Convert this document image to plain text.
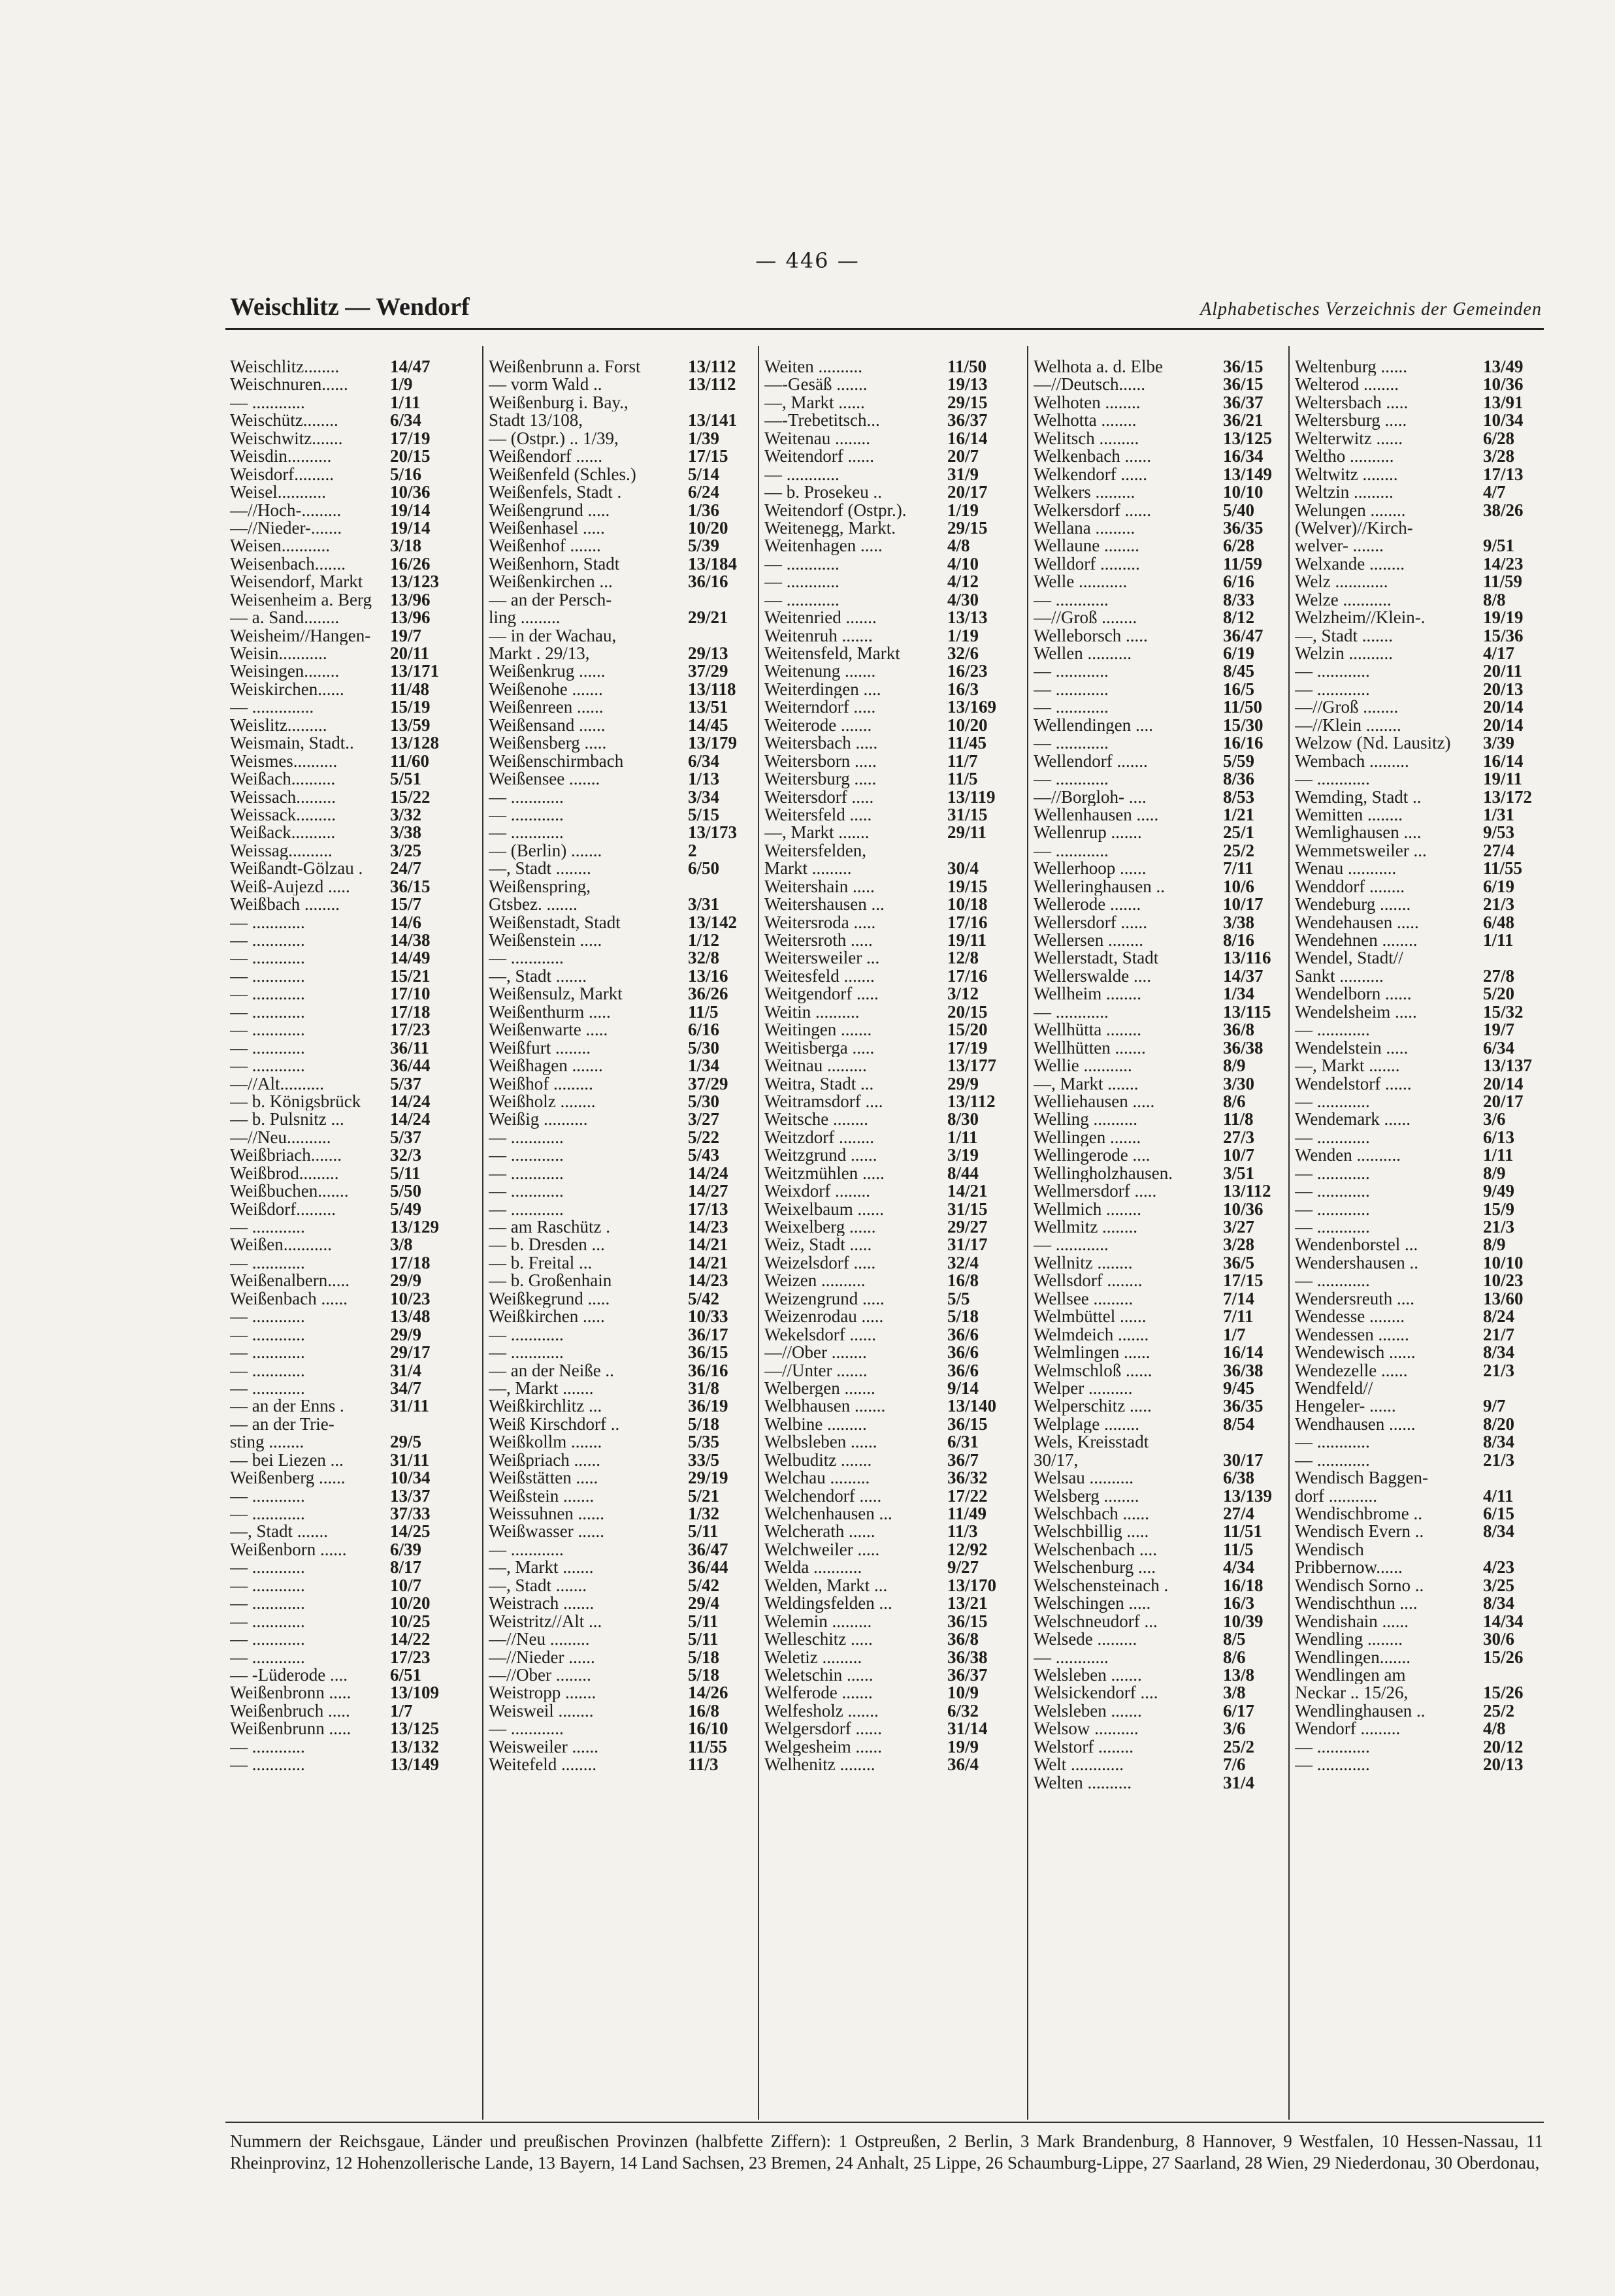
— 446 —
Weischlitz — Wendorf	Alphabetisches Verzeichnis der Gemeinden
Weischlitz........	14/47
Weischnuren......	1/9
— ............	1/11
Weischütz........	6/34
Weischwitz.......	17/19
Weisdin..........	20/15
Weisdorf.........	5/16
Weisel...........	10/36
—//Hoch-.........	19/14
—//Nieder-.......	19/14
Weisen...........	3/18
Weisenbach.......	16/26
Weisendorf, Markt	13/123
Weisenheim a. Berg	13/96
— a. Sand........	13/96
Weisheim//Hangen-	19/7
Weisin...........	20/11
Weisingen........	13/171
Weiskirchen......	11/48
— ..............	15/19
Weislitz.........	13/59
Weismain, Stadt..	13/128
Weismes..........	11/60
Weißach..........	5/51
Weissach.........	15/22
Weissack.........	3/32
Weißack..........	3/38
Weissag..........	3/25
Weißandt-Gölzau .	24/7
Weiß-Aujezd .....	36/15
Weißbach ........	15/7
— ............	14/6
— ............	14/38
— ............	14/49
— ............	15/21
— ............	17/10
— ............	17/18
— ............	17/23
— ............	36/11
— ............	36/44
—//Alt..........	5/37
— b. Königsbrück	14/24
— b. Pulsnitz ...	14/24
—//Neu..........	5/37
Weißbriach.......	32/3
Weißbrod.........	5/11
Weißbuchen.......	5/50
Weißdorf.........	5/49
— ............	13/129
Weißen...........	3/8
— ............	17/18
Weißenalbern.....	29/9
Weißenbach ......	10/23
— ............	13/48
— ............	29/9
— ............	29/17
— ............	31/4
— ............	34/7
— an der Enns .	31/11
— an der Trie-
sting ........	29/5
— bei Liezen ...	31/11
Weißenberg ......	10/34
— ............	13/37
— ............	37/33
—, Stadt .......	14/25
Weißenborn ......	6/39
— ............	8/17
— ............	10/7
— ............	10/20
— ............	10/25
— ............	14/22
— ............	17/23
— -Lüderode ....	6/51
Weißenbronn .....	13/109
Weißenbruch .....	1/7
Weißenbrunn .....	13/125
— ............	13/132
— ............	13/149
Weißenbrunn a. Forst	13/112
— vorm Wald ..	13/112
Weißenburg i. Bay.,
Stadt 13/108,	13/141
— (Ostpr.) .. 1/39,	1/39
Weißendorf ......	17/15
Weißenfeld (Schles.)	5/14
Weißenfels, Stadt .	6/24
Weißengrund .....	1/36
Weißenhasel .....	10/20
Weißenhof .......	5/39
Weißenhorn, Stadt	13/184
Weißenkirchen ...	36/16
— an der Persch-
ling .........	29/21
— in der Wachau,
Markt . 29/13,	29/13
Weißenkrug ......	37/29
Weißenohe .......	13/118
Weißenreen ......	13/51
Weißensand ......	14/45
Weißensberg .....	13/179
Weißenschirmbach	6/34
Weißensee .......	1/13
— ............	3/34
— ............	5/15
— ............	13/173
— (Berlin) .......	2
—, Stadt ........	6/50
Weißenspring,
Gtsbez. .......	3/31
Weißenstadt, Stadt	13/142
Weißenstein .....	1/12
— ............	32/8
—, Stadt .......	13/16
Weißensulz, Markt	36/26
Weißenthurm .....	11/5
Weißenwarte .....	6/16
Weißfurt ........	5/30
Weißhagen .......	1/34
Weißhof .........	37/29
Weißholz ........	5/30
Weißig ..........	3/27
— ............	5/22
— ............	5/43
— ............	14/24
— ............	14/27
— ............	17/13
— am Raschütz .	14/23
— b. Dresden ...	14/21
— b. Freital ...	14/21
— b. Großenhain	14/23
Weißkegrund .....	5/42
Weißkirchen .....	10/33
— ............	36/17
— ............	36/15
— an der Neiße ..	36/16
—, Markt .......	31/8
Weißkirchlitz ...	36/19
Weiß Kirschdorf ..	5/18
Weißkollm .......	5/35
Weißpriach ......	33/5
Weißstätten .....	29/19
Weißstein .......	5/21
Weissuhnen ......	1/32
Weißwasser ......	5/11
— ............	36/47
—, Markt .......	36/44
—, Stadt .......	5/42
Weistrach .......	29/4
Weistritz//Alt ...	5/11
—//Neu .........	5/11
—//Nieder ......	5/18
—//Ober ........	5/18
Weistropp .......	14/26
Weisweil ........	16/8
— ............	16/10
Weisweiler ......	11/55
Weitefeld ........	11/3
Weiten ..........	11/50
—-Gesäß .......	19/13
—, Markt ......	29/15
—-Trebetitsch...	36/37
Weitenau ........	16/14
Weitendorf ......	20/7
— ............	31/9
— b. Prosekeu ..	20/17
Weitendorf (Ostpr.).	1/19
Weitenegg, Markt.	29/15
Weitenhagen .....	4/8
— ............	4/10
— ............	4/12
— ............	4/30
Weitenried .......	13/13
Weitenruh .......	1/19
Weitensfeld, Markt	32/6
Weitenung .......	16/23
Weiterdingen ....	16/3
Weiterndorf .....	13/169
Weiterode .......	10/20
Weitersbach .....	11/45
Weitersborn .....	11/7
Weitersburg .....	11/5
Weitersdorf .....	13/119
Weitersfeld .....	31/15
—, Markt .......	29/11
Weitersfelden,
Markt .........	30/4
Weitershain .....	19/15
Weitershausen ...	10/18
Weitersroda .....	17/16
Weitersroth .....	19/11
Weitersweiler ...	12/8
Weitesfeld .......	17/16
Weitgendorf .....	3/12
Weitin ..........	20/15
Weitingen .......	15/20
Weitisberga .....	17/19
Weitnau .........	13/177
Weitra, Stadt ...	29/9
Weitramsdorf ....	13/112
Weitsche ........	8/30
Weitzdorf ........	1/11
Weitzgrund ......	3/19
Weitzmühlen .....	8/44
Weixdorf ........	14/21
Weixelbaum ......	31/15
Weixelberg ......	29/27
Weiz, Stadt .....	31/17
Weizelsdorf .....	32/4
Weizen ..........	16/8
Weizengrund .....	5/5
Weizenrodau .....	5/18
Wekelsdorf ......	36/6
—//Ober ........	36/6
—//Unter .......	36/6
Welbergen .......	9/14
Welbhausen .......	13/140
Welbine .........	36/15
Welbsleben ......	6/31
Welbuditz .......	36/7
Welchau .........	36/32
Welchendorf .....	17/22
Welchenhausen ...	11/49
Welcherath ......	11/3
Welchweiler .....	12/92
Welda ...........	9/27
Welden, Markt ...	13/170
Weldingsfelden ...	13/21
Welemin .........	36/15
Welleschitz .....	36/8
Weletiz .........	36/38
Weletschin ......	36/37
Welferode .......	10/9
Welfesholz .......	6/32
Welgersdorf ......	31/14
Welgesheim ......	19/9
Welhenitz ........	36/4
Welhota a. d. Elbe	36/15
—//Deutsch......	36/15
Welhoten ........	36/37
Welhotta ........	36/21
Welitsch .........	13/125
Welkenbach ......	16/34
Welkendorf ......	13/149
Welkers .........	10/10
Welkersdorf ......	5/40
Wellana .........	36/35
Wellaune ........	6/28
Welldorf .........	11/59
Welle ...........	6/16
— ............	8/33
—//Groß ........	8/12
Welleborsch .....	36/47
Wellen ..........	6/19
— ............	8/45
— ............	16/5
— ............	11/50
Wellendingen ....	15/30
— ............	16/16
Wellendorf .......	5/59
— ............	8/36
—//Borgloh- ....	8/53
Wellenhausen .....	1/21
Wellenrup .......	25/1
— ............	25/2
Wellerhoop ......	7/11
Welleringhausen ..	10/6
Wellerode .......	10/17
Wellersdorf ......	3/38
Wellersen ........	8/16
Wellerstadt, Stadt	13/116
Wellerswalde ....	14/37
Wellheim ........	1/34
— ............	13/115
Wellhütta ........	36/8
Wellhütten .......	36/38
Wellie ...........	8/9
—, Markt .......	3/30
Welliehausen .....	8/6
Welling ..........	11/8
Wellingen .......	27/3
Wellingerode ....	10/7
Wellingholzhausen.	3/51
Wellmersdorf .....	13/112
Wellmich ........	10/36
Wellmitz ........	3/27
— ............	3/28
Wellnitz ........	36/5
Wellsdorf ........	17/15
Wellsee .........	7/14
Welmbüttel ......	7/11
Welmdeich .......	1/7
Welmlingen ......	16/14
Welmschloß ......	36/38
Welper ..........	9/45
Welperschitz .....	36/35
Welplage ........	8/54
Wels, Kreisstadt
30/17,	30/17
Welsau ..........	6/38
Welsberg ........	13/139
Welschbach ......	27/4
Welschbillig .....	11/51
Welschenbach ....	11/5
Welschenburg ....	4/34
Welschensteinach .	16/18
Welschingen .....	16/3
Welschneudorf ...	10/39
Welsede .........	8/5
— ............	8/6
Welsleben .......	13/8
Welsickendorf ....	3/8
Welsleben .......	6/17
Welsow ..........	3/6
Welstorf ........	25/2
Welt ............	7/6
Welten ..........	31/4
Weltenburg ......	13/49
Welterod ........	10/36
Weltersbach .....	13/91
Weltersburg .....	10/34
Welterwitz ......	6/28
Weltho ..........	3/28
Weltwitz ........	17/13
Weltzin .........	4/7
Welungen ........	38/26
(Welver)//Kirch-
welver- .......	9/51
Welxande ........	14/23
Welz ............	11/59
Welze ...........	8/8
Welzheim//Klein-.	19/19
—, Stadt .......	15/36
Welzin ..........	4/17
— ............	20/11
— ............	20/13
—//Groß ........	20/14
—//Klein ........	20/14
Welzow (Nd. Lausitz)	3/39
Wembach .........	16/14
— ............	19/11
Wemding, Stadt ..	13/172
Wemitten ........	1/31
Wemlighausen ....	9/53
Wemmetsweiler ...	27/4
Wenau ...........	11/55
Wenddorf ........	6/19
Wendeburg .......	21/3
Wendehausen .....	6/48
Wendehnen ........	1/11
Wendel, Stadt//
Sankt ..........	27/8
Wendelborn ......	5/20
Wendelsheim .....	15/32
— ............	19/7
Wendelstein .....	6/34
—, Markt .......	13/137
Wendelstorf ......	20/14
— ............	20/17
Wendemark ......	3/6
— ............	6/13
Wenden ..........	1/11
— ............	8/9
— ............	9/49
— ............	15/9
— ............	21/3
Wendenborstel ...	8/9
Wendershausen ..	10/10
— ............	10/23
Wendersreuth ....	13/60
Wendesse ........	8/24
Wendessen .......	21/7
Wendewisch ......	8/34
Wendezelle ......	21/3
Wendfeld//
Hengeler- ......	9/7
Wendhausen ......	8/20
— ............	8/34
— ............	21/3
Wendisch Baggen-
dorf ...........	4/11
Wendischbrome ..	6/15
Wendisch Evern ..	8/34
Wendisch
Pribbernow......	4/23
Wendisch Sorno ..	3/25
Wendischthun ....	8/34
Wendishain ......	14/34
Wendling ........	30/6
Wendlingen.......	15/26
Wendlingen am
Neckar .. 15/26,	15/26
Wendlinghausen ..	25/2
Wendorf .........	4/8
— ............	20/12
— ............	20/13
Nummern der Reichsgaue, Länder und preußischen Provinzen (halbfette Ziffern): 1 Ostpreußen, 2 Berlin, 3 Mark Brandenburg, 8 Hannover, 9 Westfalen, 10 Hessen-Nassau, 11 Rheinprovinz, 12 Hohenzollerische Lande, 13 Bayern, 14 Land Sachsen, 23 Bremen, 24 Anhalt, 25 Lippe, 26 Schaumburg-Lippe, 27 Saarland, 28 Wien, 29 Niederdonau, 30 Oberdonau,
